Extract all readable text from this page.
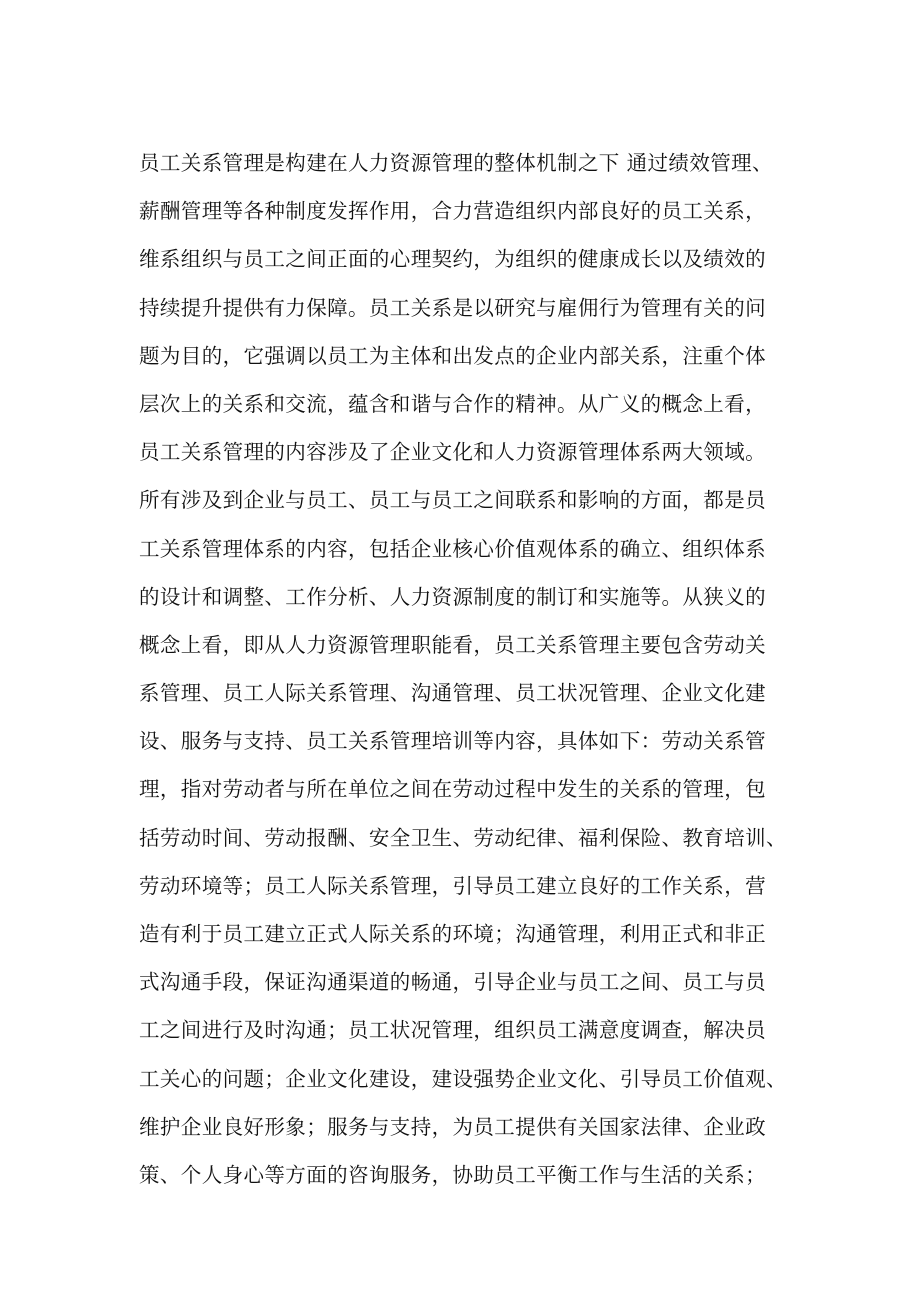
员工关系管理是构建在人力资源管理的整体机制之下 通过绩效管理、
薪酬管理等各种制度发挥作用，合力营造组织内部良好的员工关系，
维系组织与员工之间正面的心理契约，为组织的健康成长以及绩效的
持续提升提供有力保障。员工关系是以研究与雇佣行为管理有关的问
题为目的，它强调以员工为主体和出发点的企业内部关系，注重个体
层次上的关系和交流，蕴含和谐与合作的精神。从广义的概念上看，
员工关系管理的内容涉及了企业文化和人力资源管理体系两大领域。
所有涉及到企业与员工、员工与员工之间联系和影响的方面，都是员
工关系管理体系的内容，包括企业核心价值观体系的确立、组织体系
的设计和调整、工作分析、人力资源制度的制订和实施等。从狭义的
概念上看，即从人力资源管理职能看，员工关系管理主要包含劳动关
系管理、员工人际关系管理、沟通管理、员工状况管理、企业文化建
设、服务与支持、员工关系管理培训等内容，具体如下：劳动关系管
理，指对劳动者与所在单位之间在劳动过程中发生的关系的管理，包
括劳动时间、劳动报酬、安全卫生、劳动纪律、福利保险、教育培训、
劳动环境等；员工人际关系管理，引导员工建立良好的工作关系，营
造有利于员工建立正式人际关系的环境；沟通管理，利用正式和非正
式沟通手段，保证沟通渠道的畅通，引导企业与员工之间、员工与员
工之间进行及时沟通；员工状况管理，组织员工满意度调查，解决员
工关心的问题；企业文化建设，建设强势企业文化、引导员工价值观、
维护企业良好形象；服务与支持，为员工提供有关国家法律、企业政
策、个人身心等方面的咨询服务，协助员工平衡工作与生活的关系；
